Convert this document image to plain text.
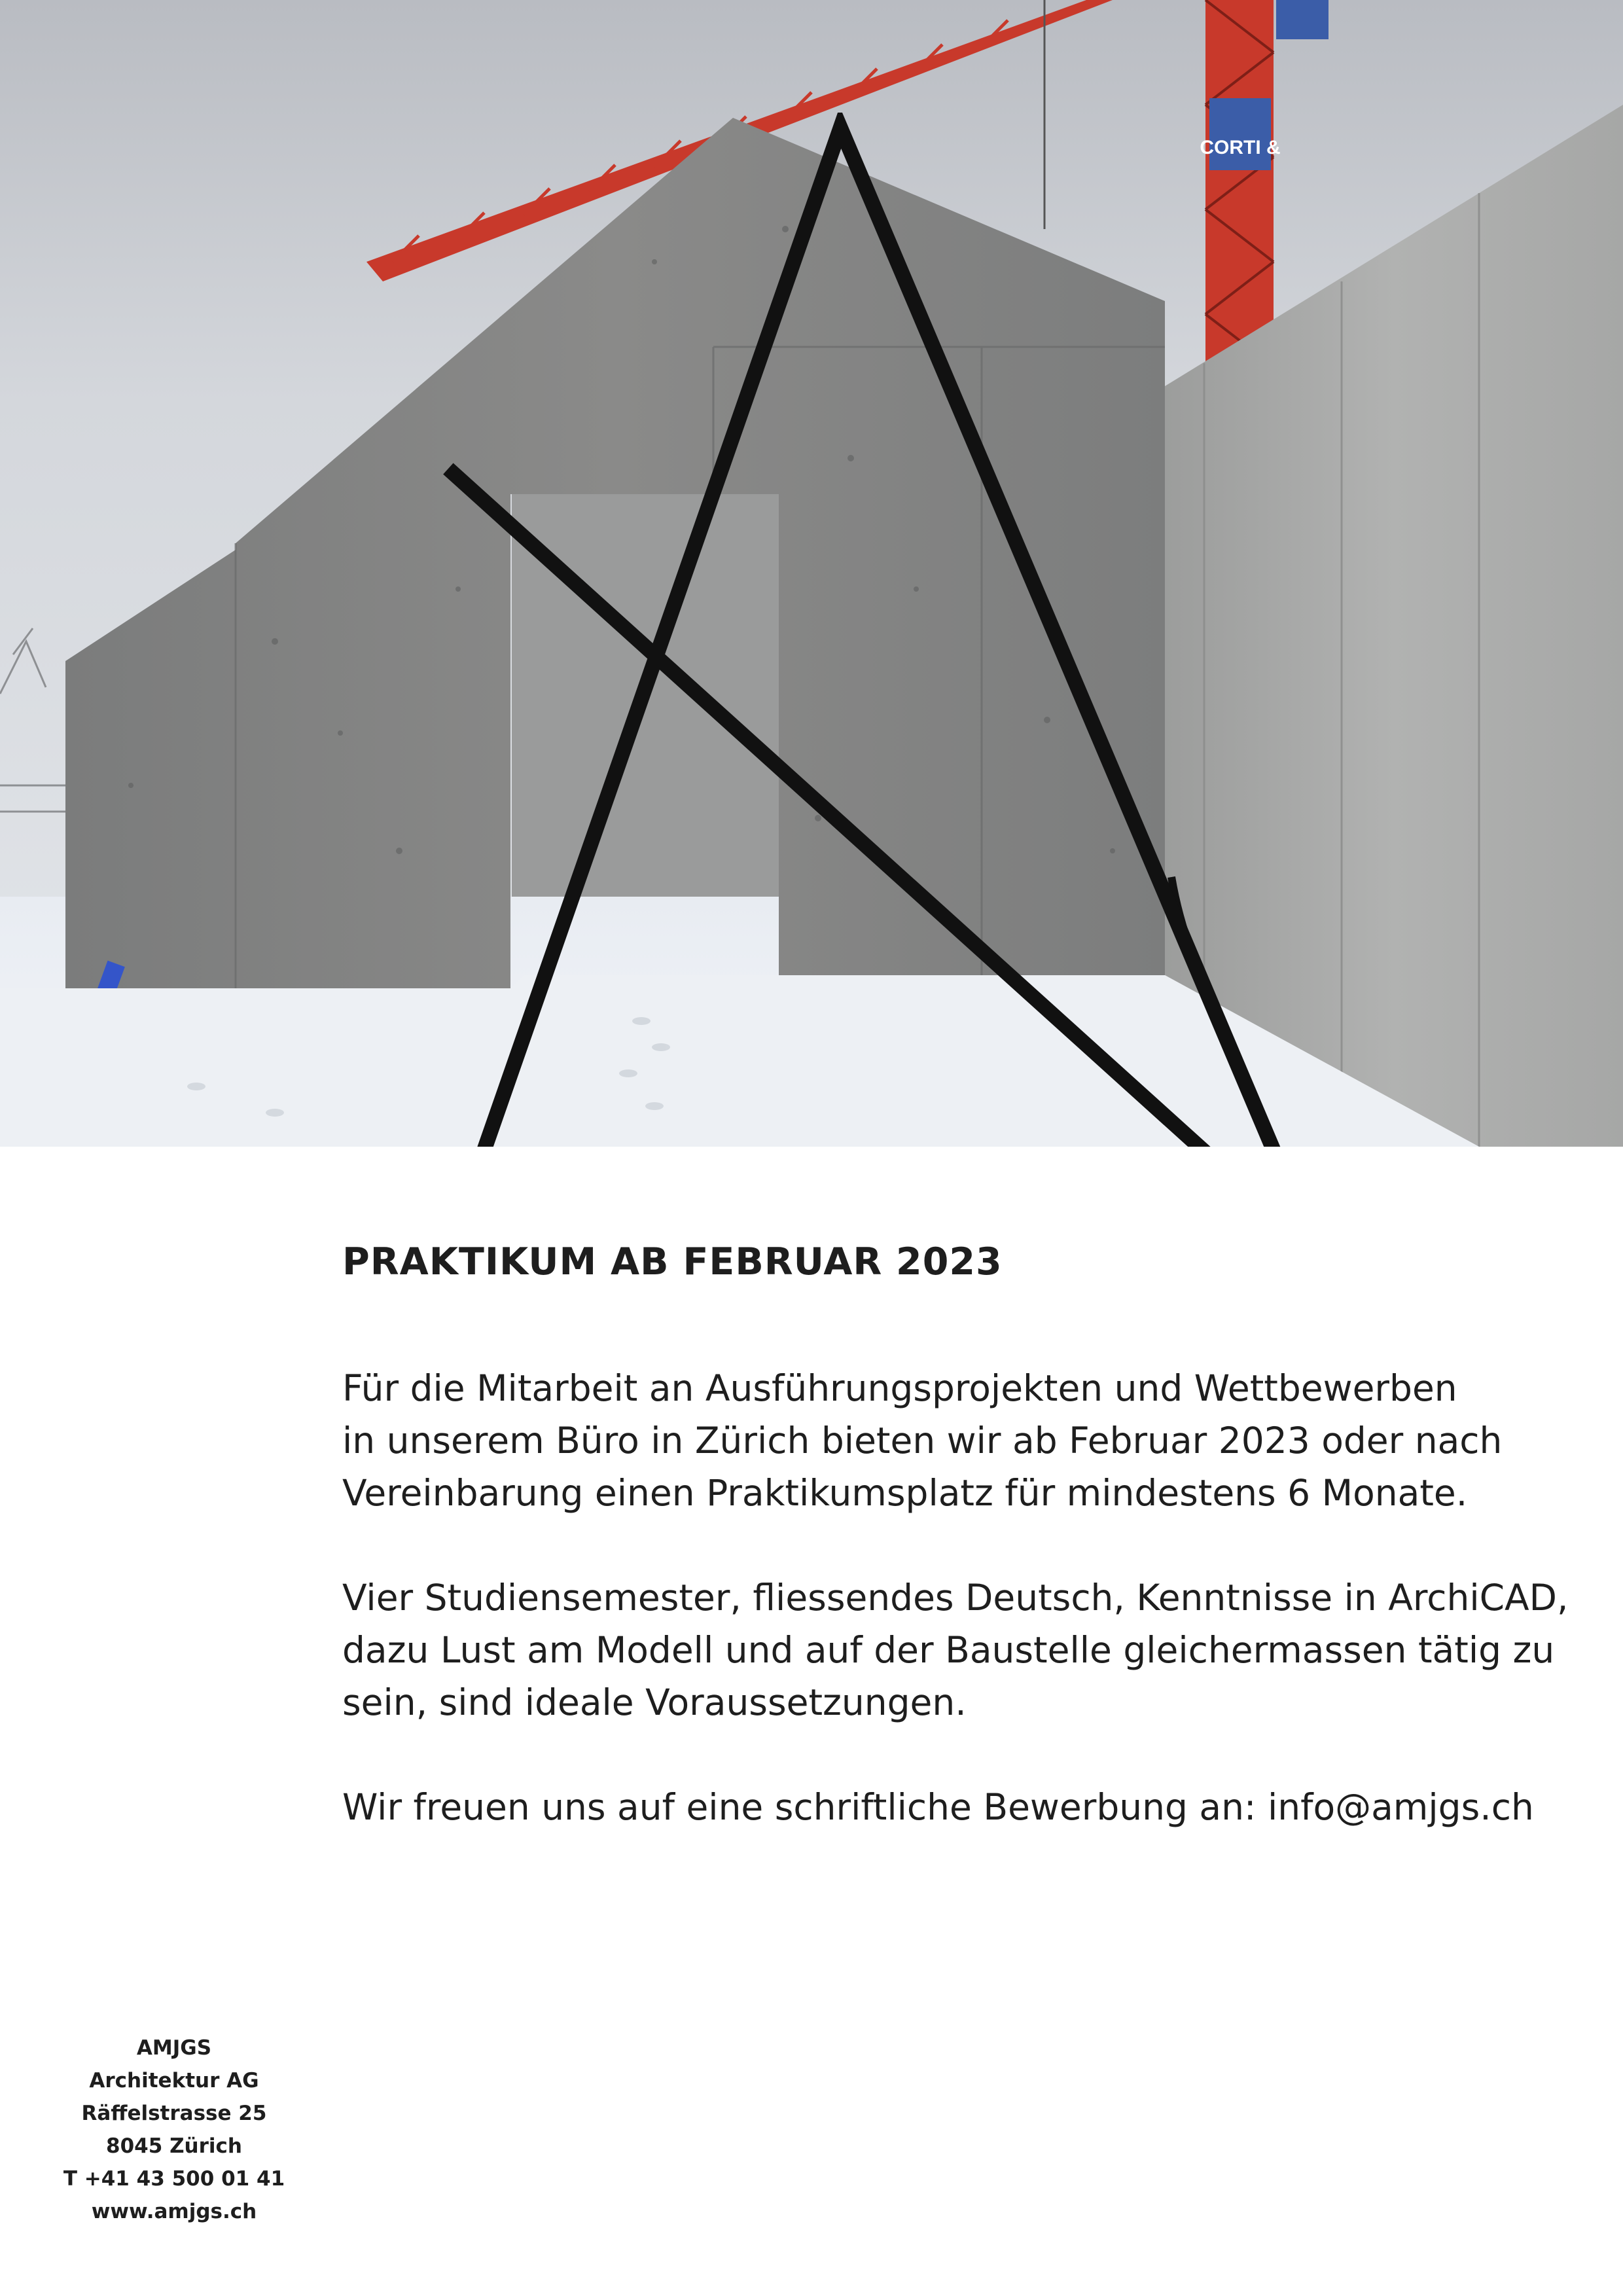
CORTI &
PRAKTIKUM AB FEBRUAR 2023

Für die Mitarbeit an Ausführungsprojekten und Wettbewerben
in unserem Büro in Zürich bieten wir ab Februar 2023 oder nach
Vereinbarung einen Praktikumsplatz für mindestens 6 Monate.

Vier Studiensemester, fliessendes Deutsch, Kenntnisse in ArchiCAD,
dazu Lust am Modell und auf der Baustelle gleichermassen tätig zu
sein, sind ideale Voraussetzungen.

Wir freuen uns auf eine schriftliche Bewerbung an: info@amjgs.ch

AMJGS
Architektur AG
Räffelstrasse 25
8045 Zürich
T +41 43 500 01 41
www.amjgs.ch
